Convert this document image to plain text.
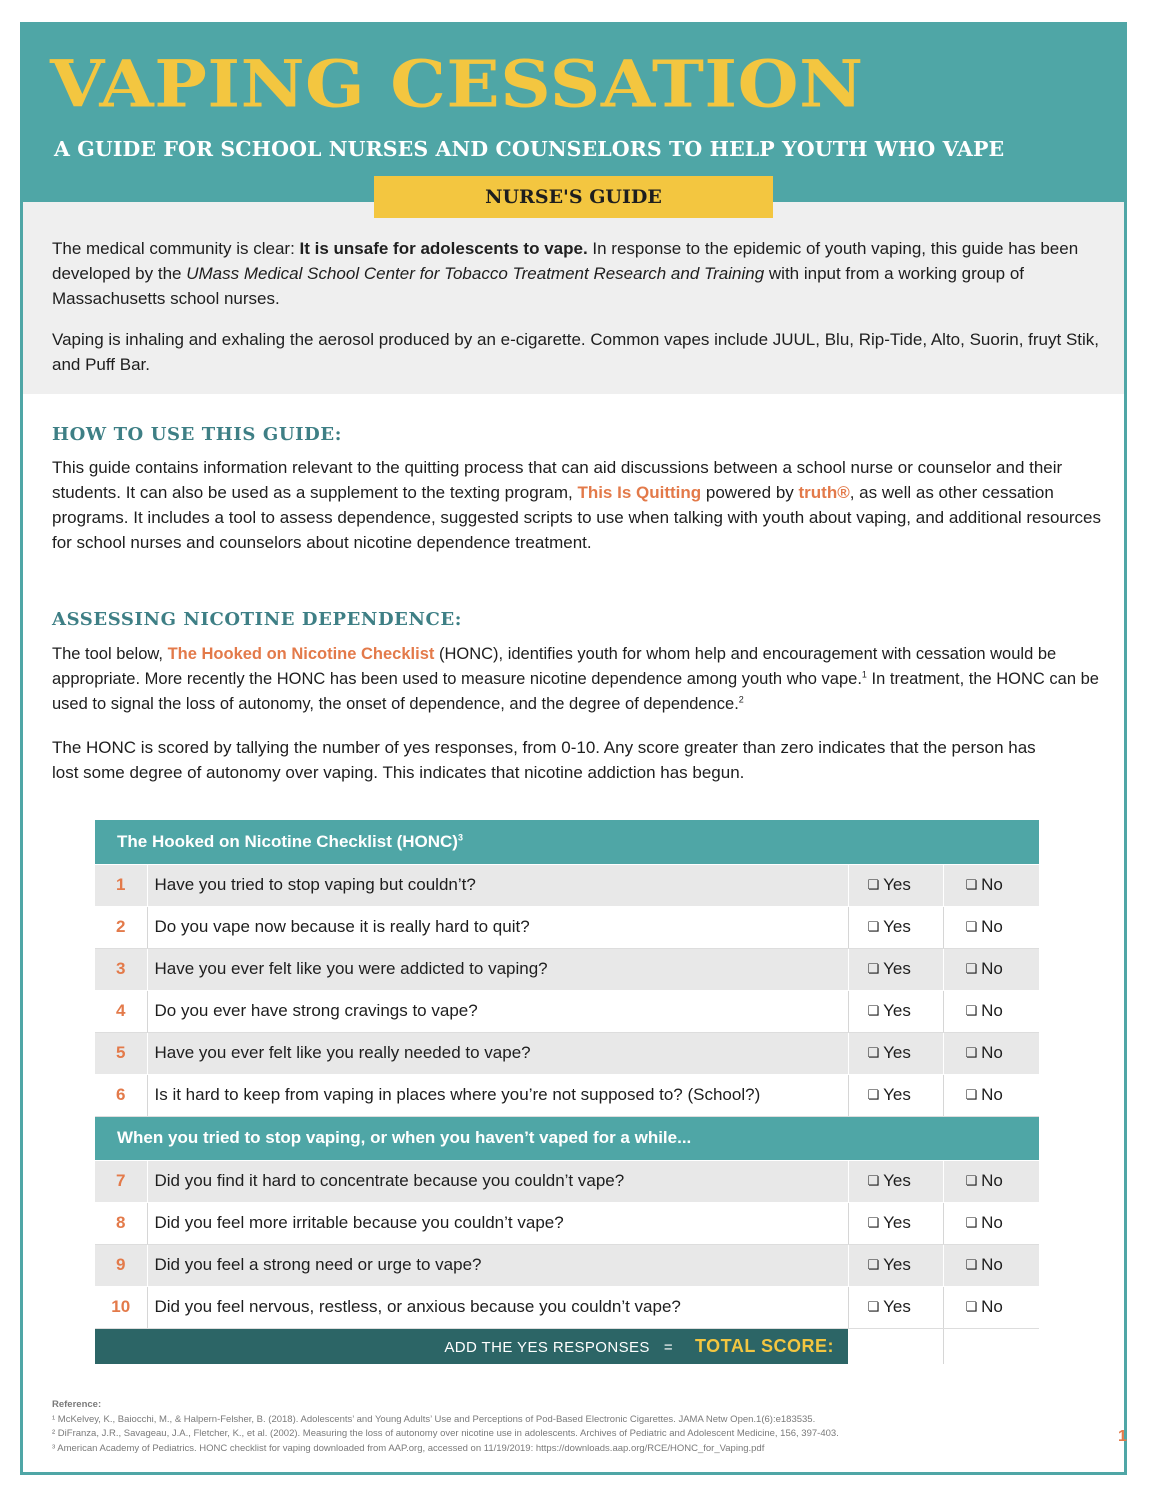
VAPING CESSATION
A GUIDE FOR SCHOOL NURSES AND COUNSELORS TO HELP YOUTH WHO VAPE
NURSE'S GUIDE

The medical community is clear: It is unsafe for adolescents to vape. In response to the epidemic of youth vaping, this guide has been developed by the UMass Medical School Center for Tobacco Treatment Research and Training with input from a working group of Massachusetts school nurses.

Vaping is inhaling and exhaling the aerosol produced by an e-cigarette. Common vapes include JUUL, Blu, Rip-Tide, Alto, Suorin, fruyt Stik, and Puff Bar.

HOW TO USE THIS GUIDE:

This guide contains information relevant to the quitting process that can aid discussions between a school nurse or counselor and their students. It can also be used as a supplement to the texting program, This Is Quitting powered by truth®, as well as other cessation programs. It includes a tool to assess dependence, suggested scripts to use when talking with youth about vaping, and additional resources for school nurses and counselors about nicotine dependence treatment.

ASSESSING NICOTINE DEPENDENCE:

The tool below, The Hooked on Nicotine Checklist (HONC), identifies youth for whom help and encouragement with cessation would be appropriate. More recently the HONC has been used to measure nicotine dependence among youth who vape.$^1$ In treatment, the HONC can be used to signal the loss of autonomy, the onset of dependence, and the degree of dependence.$^2$

The HONC is scored by tallying the number of yes responses, from 0-10. Any score greater than zero indicates that the person has lost some degree of autonomy over vaping. This indicates that nicotine addiction has begun.

The Hooked on Nicotine Checklist (HONC)$^3$
1	Have you tried to stop vaping but couldn’t?	❏ Yes	❏ No
2	Do you vape now because it is really hard to quit?	❏ Yes	❏ No
3	Have you ever felt like you were addicted to vaping?	❏ Yes	❏ No
4	Do you ever have strong cravings to vape?	❏ Yes	❏ No
5	Have you ever felt like you really needed to vape?	❏ Yes	❏ No
6	Is it hard to keep from vaping in places where you’re not supposed to? (School?)	❏ Yes	❏ No
When you tried to stop vaping, or when you haven’t vaped for a while...			
7	Did you find it hard to concentrate because you couldn’t vape?	❏ Yes	❏ No
8	Did you feel more irritable because you couldn’t vape?	❏ Yes	❏ No
9	Did you feel a strong need or urge to vape?	❏ Yes	❏ No
10	Did you feel nervous, restless, or anxious because you couldn’t vape?	❏ Yes	❏ No
ADD THE YES RESPONSES = TOTAL SCORE:			
Reference:
¹ McKelvey, K., Baiocchi, M., & Halpern-Felsher, B. (2018). Adolescents’ and Young Adults’ Use and Perceptions of Pod-Based Electronic Cigarettes. JAMA Netw Open.1(6):e183535.
² DiFranza, J.R., Savageau, J.A., Fletcher, K., et al. (2002). Measuring the loss of autonomy over nicotine use in adolescents. Archives of Pediatric and Adolescent Medicine, 156, 397-403.
³ American Academy of Pediatrics. HONC checklist for vaping downloaded from AAP.org, accessed on 11/19/2019: https://downloads.aap.org/RCE/HONC_for_Vaping.pdf
1
